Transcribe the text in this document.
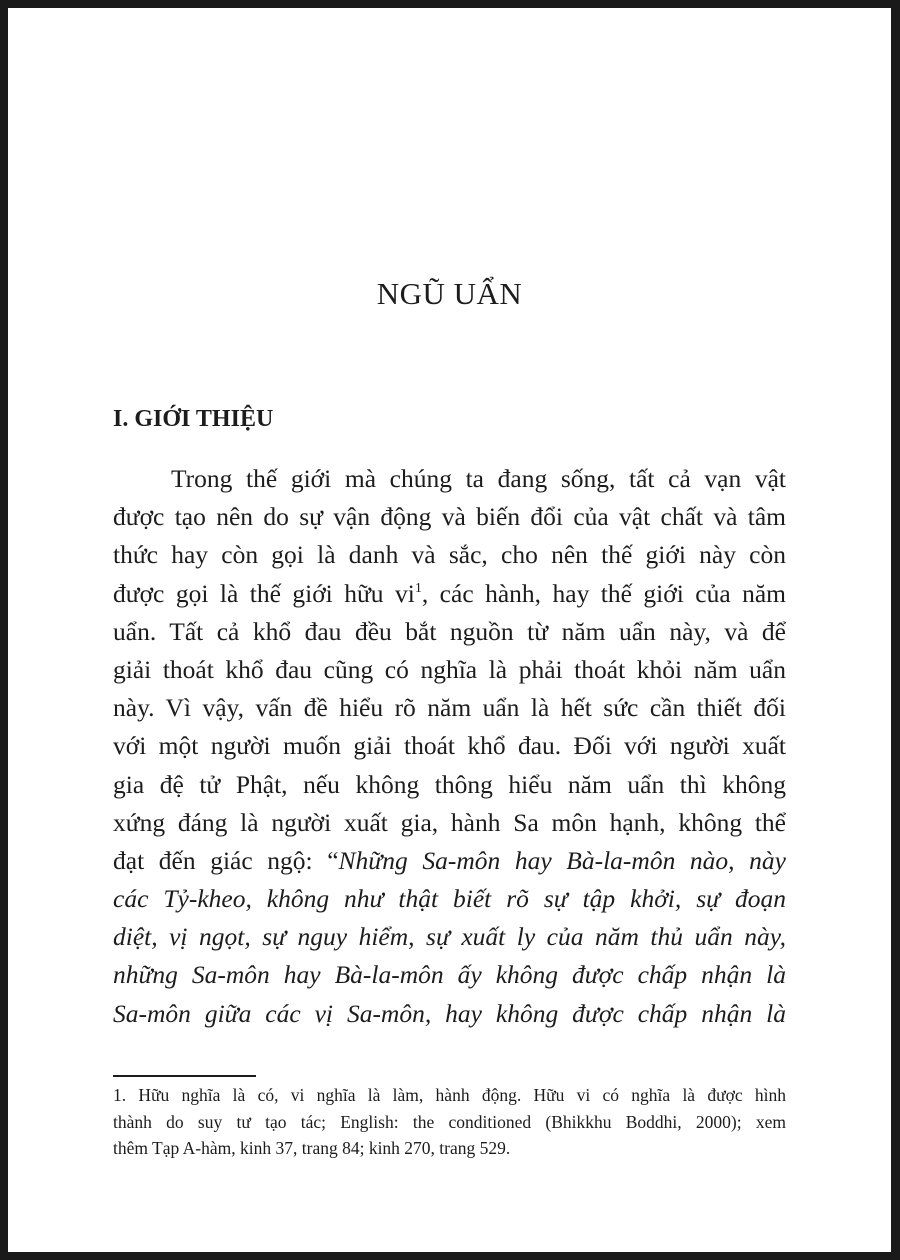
NGŨ UẨN
I. GIỚI THIỆU
Trong thế giới mà chúng ta đang sống, tất cả vạn vật
được tạo nên do sự vận động và biến đổi của vật chất và tâm
thức hay còn gọi là danh và sắc, cho nên thế giới này còn
được gọi là thế giới hữu $vi^1$, các hành, hay thế giới của năm
uẩn. Tất cả khổ đau đều bắt nguồn từ năm uẩn này, và để
giải thoát khổ đau cũng có nghĩa là phải thoát khỏi năm uẩn
này. Vì vậy, vấn đề hiểu rõ năm uẩn là hết sức cần thiết đối
với một người muốn giải thoát khổ đau. Đối với người xuất
gia đệ tử Phật, nếu không thông hiểu năm uẩn thì không
xứng đáng là người xuất gia, hành Sa môn hạnh, không thể
đạt đến giác ngộ: “Những Sa-môn hay Bà-la-môn nào, này
các Tỷ-kheo, không như thật biết rõ sự tập khởi, sự đoạn
diệt, vị ngọt, sự nguy hiểm, sự xuất ly của năm thủ uẩn này,
những Sa-môn hay Bà-la-môn ấy không được chấp nhận là
Sa-môn giữa các vị Sa-môn, hay không được chấp nhận là
1. Hữu nghĩa là có, vi nghĩa là làm, hành động. Hữu vi có nghĩa là được hình
thành do suy tư tạo tác; English: the conditioned (Bhikkhu Boddhi, 2000); xem
thêm Tạp A-hàm, kinh 37, trang 84; kinh 270, trang 529.
